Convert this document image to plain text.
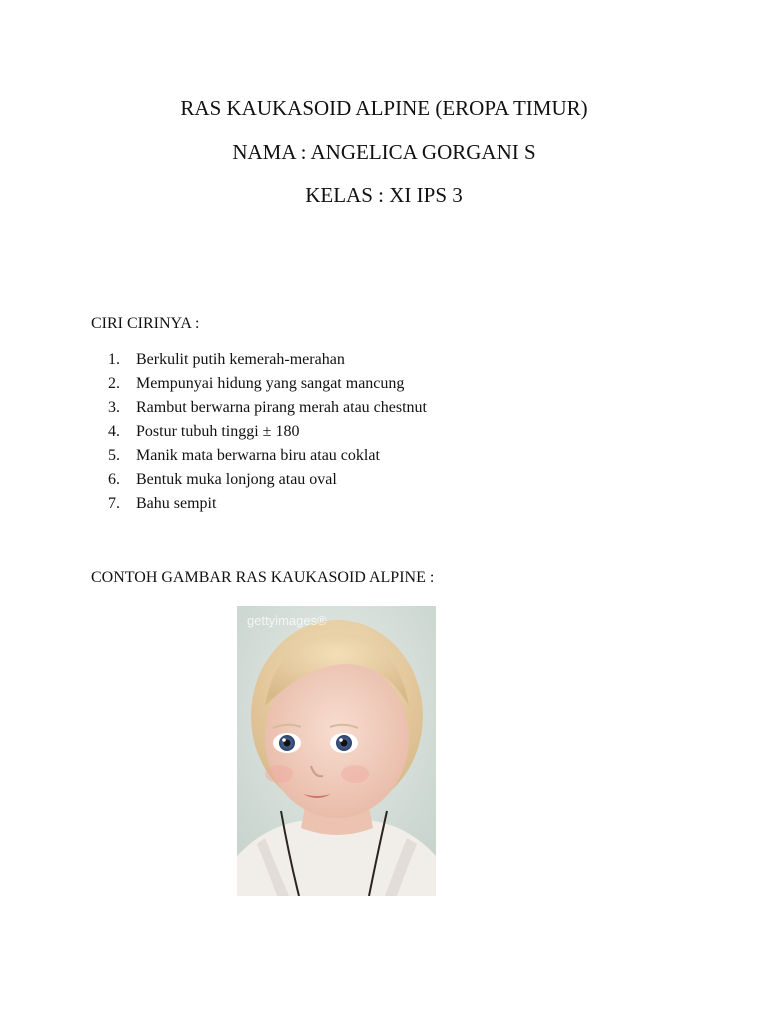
RAS KAUKASOID ALPINE (EROPA TIMUR)
NAMA : ANGELICA GORGANI S
KELAS : XI IPS 3
CIRI CIRINYA :
1. Berkulit putih kemerah-merahan
2. Mempunyai hidung yang sangat mancung
3. Rambut berwarna pirang merah atau chestnut
4. Postur tubuh tinggi ± 180
5. Manik mata berwarna biru atau coklat
6. Bentuk muka lonjong atau oval
7. Bahu sempit
CONTOH GAMBAR RAS KAUKASOID ALPINE :
gettyimages®
